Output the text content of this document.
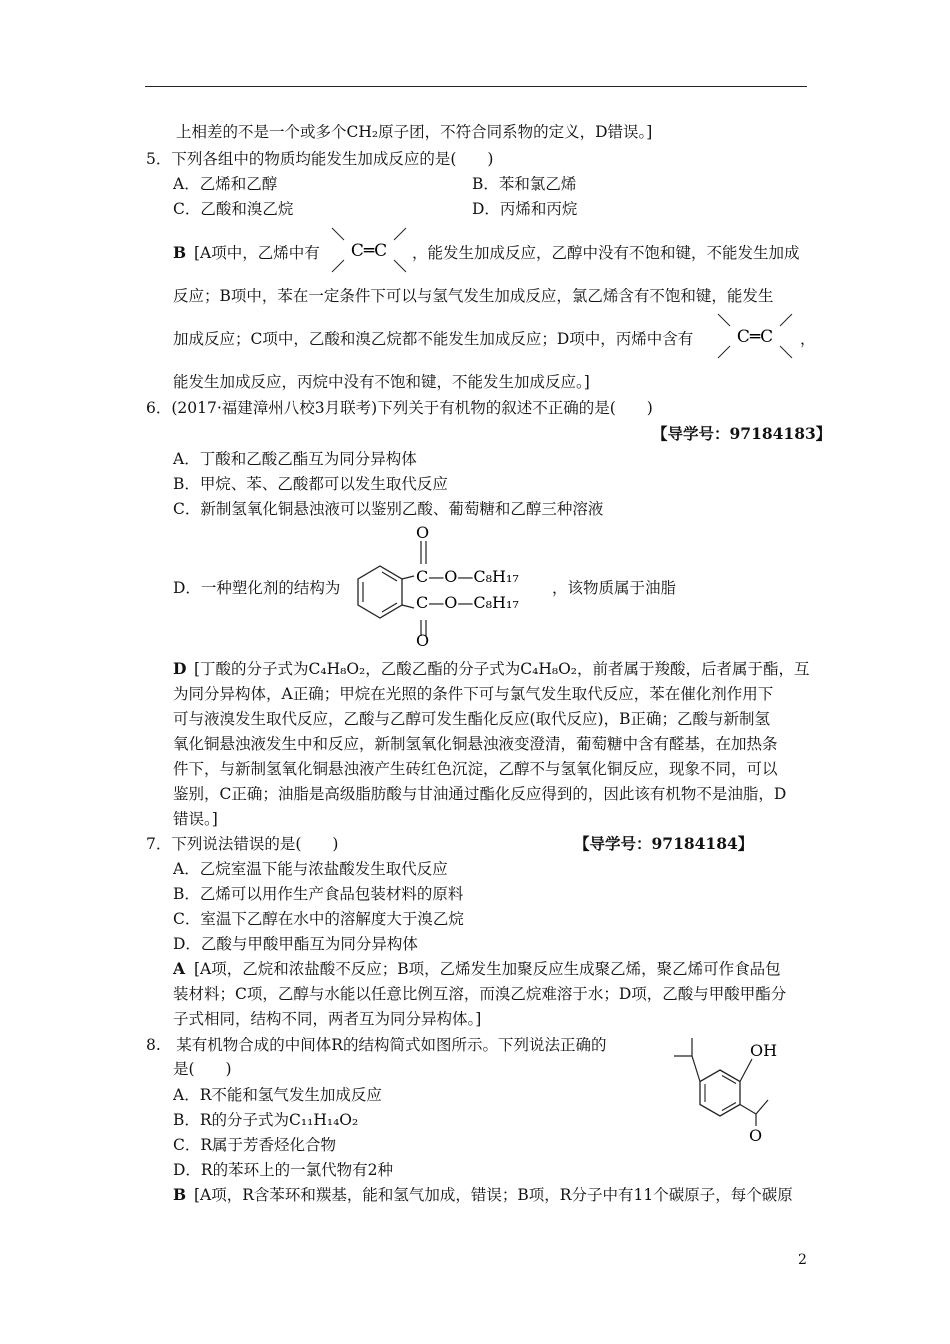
上相差的不是一个或多个CH₂原子团，不符合同系物的定义，D错误。]
5．下列各组中的物质均能发生加成反应的是(　　)
A．乙烯和乙醇	B．苯和氯乙烯
C．乙酸和溴乙烷	D．丙烯和丙烷
B [A项中，乙烯中有 C═C ，能发生加成反应，乙醇中没有不饱和键，不能发生加成
反应；B项中，苯在一定条件下可以与氢气发生加成反应，氯乙烯含有不饱和键，能发生
加成反应；C项中，乙酸和溴乙烷都不能发生加成反应；D项中，丙烯中含有	C═C ，
能发生加成反应，丙烷中没有不饱和键，不能发生加成反应。]
6．(2017·福建漳州八校3月联考)下列关于有机物的叙述不正确的是(　　)
【导学号：97184183】
A．丁酸和乙酸乙酯互为同分异构体
B．甲烷、苯、乙酸都可以发生取代反应
C．新制氢氧化铜悬浊液可以鉴别乙酸、葡萄糖和乙醇三种溶液
D．一种塑化剂的结构为
O
O
C—O—C₈H₁₇
C—O—C₈H₁₇
，该物质属于油脂
D [丁酸的分子式为C₄H₈O₂，乙酸乙酯的分子式为C₄H₈O₂，前者属于羧酸，后者属于酯，互
为同分异构体，A正确；甲烷在光照的条件下可与氯气发生取代反应，苯在催化剂作用下
可与液溴发生取代反应，乙酸与乙醇可发生酯化反应(取代反应)，B正确；乙酸与新制氢
氧化铜悬浊液发生中和反应，新制氢氧化铜悬浊液变澄清，葡萄糖中含有醛基，在加热条
件下，与新制氢氧化铜悬浊液产生砖红色沉淀，乙醇不与氢氧化铜反应，现象不同，可以
鉴别，C正确；油脂是高级脂肪酸与甘油通过酯化反应得到的，因此该有机物不是油脂，D
错误。]
7．下列说法错误的是(　　)	【导学号：97184184】
A．乙烷室温下能与浓盐酸发生取代反应
B．乙烯可以用作生产食品包装材料的原料
C．室温下乙醇在水中的溶解度大于溴乙烷
D．乙酸与甲酸甲酯互为同分异构体
A [A项，乙烷和浓盐酸不反应；B项，乙烯发生加聚反应生成聚乙烯，聚乙烯可作食品包
装材料；C项，乙醇与水能以任意比例互溶，而溴乙烷难溶于水；D项，乙酸与甲酸甲酯分
子式相同，结构不同，两者互为同分异构体。]
8.　某有机物合成的中间体R的结构简式如图所示。下列说法正确的
是(　　)
A．R不能和氢气发生加成反应
B．R的分子式为C₁₁H₁₄O₂
C．R属于芳香烃化合物
D．R的苯环上的一氯代物有2种
OH
O
B [A项，R含苯环和羰基，能和氢气加成，错误；B项，R分子中有11个碳原子，每个碳原
2
